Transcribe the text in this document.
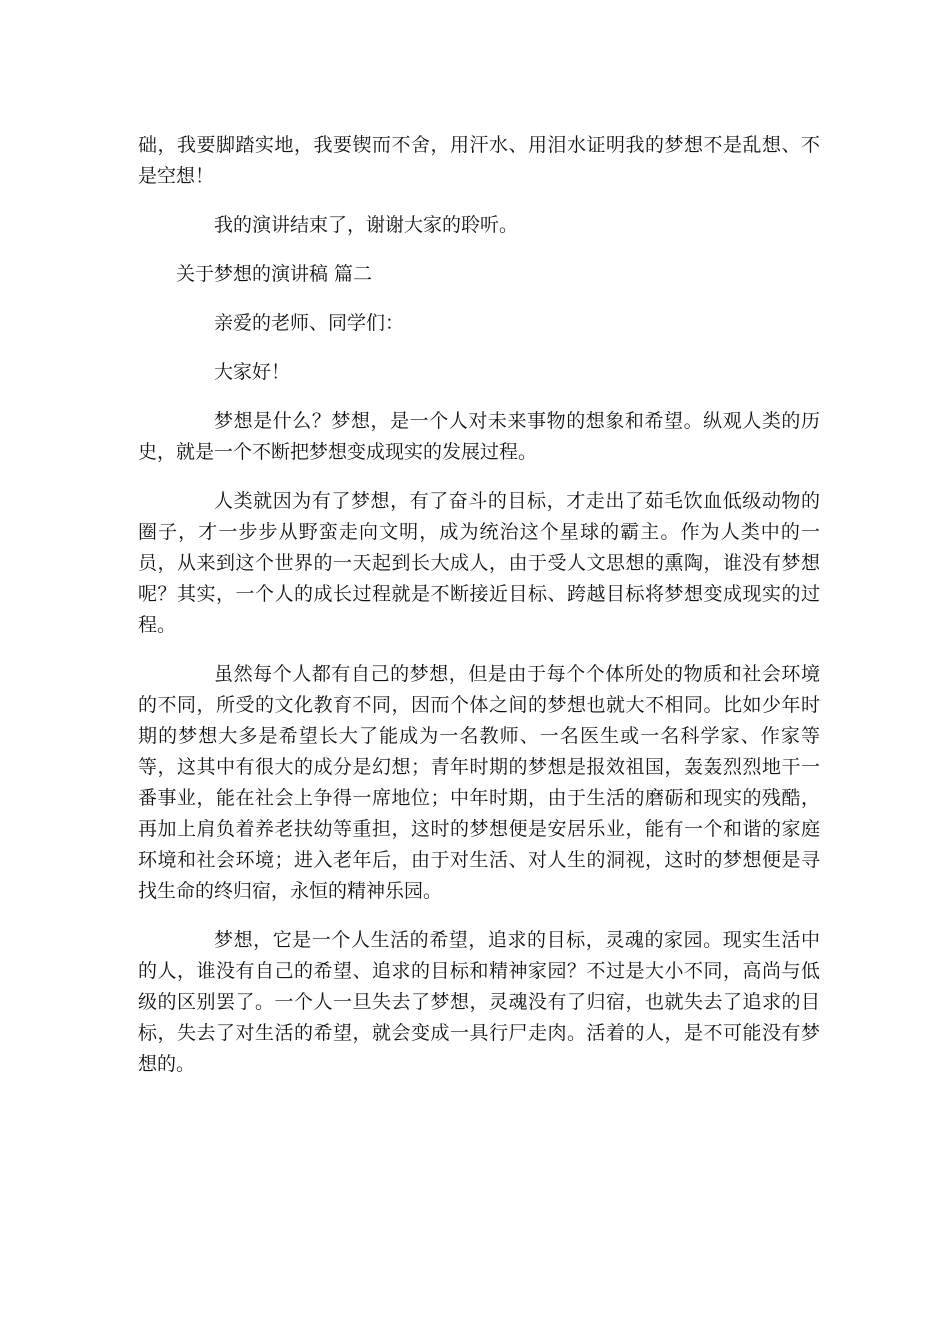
础，我要脚踏实地，我要锲而不舍，用汗水、用泪水证明我的梦想不是乱想、不是空想！

我的演讲结束了，谢谢大家的聆听。

关于梦想的演讲稿 篇二

亲爱的老师、同学们：

大家好！

梦想是什么？梦想，是一个人对未来事物的想象和希望。纵观人类的历史，就是一个不断把梦想变成现实的发展过程。

人类就因为有了梦想，有了奋斗的目标，才走出了茹毛饮血低级动物的圈子，才一步步从野蛮走向文明，成为统治这个星球的霸主。作为人类中的一员，从来到这个世界的一天起到长大成人，由于受人文思想的熏陶，谁没有梦想呢？其实，一个人的成长过程就是不断接近目标、跨越目标将梦想变成现实的过程。

虽然每个人都有自己的梦想，但是由于每个个体所处的物质和社会环境的不同，所受的文化教育不同，因而个体之间的梦想也就大不相同。比如少年时期的梦想大多是希望长大了能成为一名教师、一名医生或一名科学家、作家等等，这其中有很大的成分是幻想；青年时期的梦想是报效祖国，轰轰烈烈地干一番事业，能在社会上争得一席地位；中年时期，由于生活的磨砺和现实的残酷，再加上肩负着养老扶幼等重担，这时的梦想便是安居乐业，能有一个和谐的家庭环境和社会环境；进入老年后，由于对生活、对人生的洞视，这时的梦想便是寻找生命的终归宿，永恒的精神乐园。

梦想，它是一个人生活的希望，追求的目标，灵魂的家园。现实生活中的人，谁没有自己的希望、追求的目标和精神家园？不过是大小不同，高尚与低级的区别罢了。一个人一旦失去了梦想，灵魂没有了归宿，也就失去了追求的目标，失去了对生活的希望，就会变成一具行尸走肉。活着的人，是不可能没有梦想的。
